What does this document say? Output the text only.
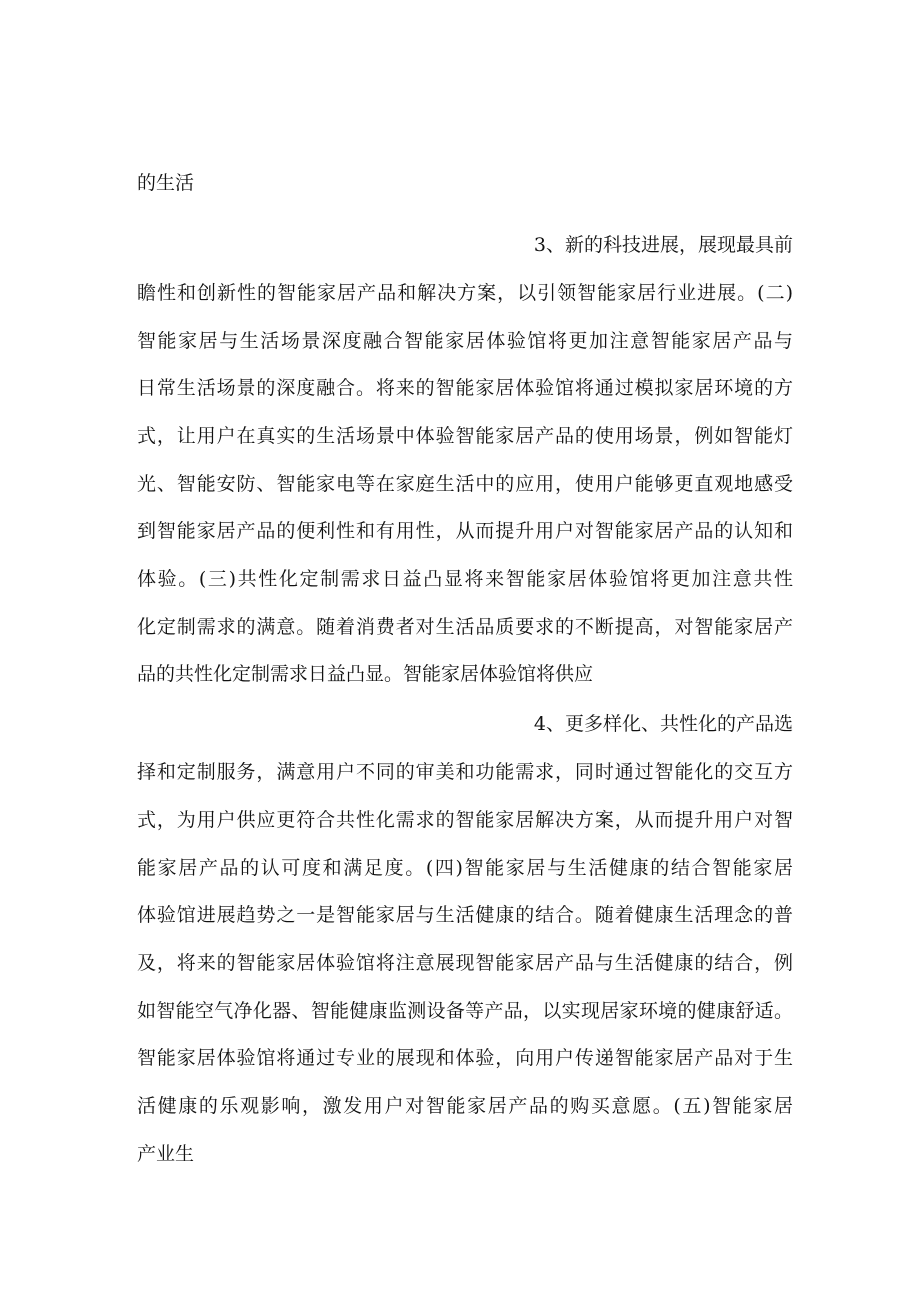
的生活
3、新的科技进展，展现最具前
瞻性和创新性的智能家居产品和解决方案，以引领智能家居行业进展。(二)
智能家居与生活场景深度融合智能家居体验馆将更加注意智能家居产品与
日常生活场景的深度融合。将来的智能家居体验馆将通过模拟家居环境的方
式，让用户在真实的生活场景中体验智能家居产品的使用场景，例如智能灯
光、智能安防、智能家电等在家庭生活中的应用，使用户能够更直观地感受
到智能家居产品的便利性和有用性，从而提升用户对智能家居产品的认知和
体验。(三)共性化定制需求日益凸显将来智能家居体验馆将更加注意共性
化定制需求的满意。随着消费者对生活品质要求的不断提高，对智能家居产
品的共性化定制需求日益凸显。智能家居体验馆将供应
4、更多样化、共性化的产品选
择和定制服务，满意用户不同的审美和功能需求，同时通过智能化的交互方
式，为用户供应更符合共性化需求的智能家居解决方案，从而提升用户对智
能家居产品的认可度和满足度。(四)智能家居与生活健康的结合智能家居
体验馆进展趋势之一是智能家居与生活健康的结合。随着健康生活理念的普
及，将来的智能家居体验馆将注意展现智能家居产品与生活健康的结合，例
如智能空气净化器、智能健康监测设备等产品，以实现居家环境的健康舒适。
智能家居体验馆将通过专业的展现和体验，向用户传递智能家居产品对于生
活健康的乐观影响，激发用户对智能家居产品的购买意愿。(五)智能家居
产业生
